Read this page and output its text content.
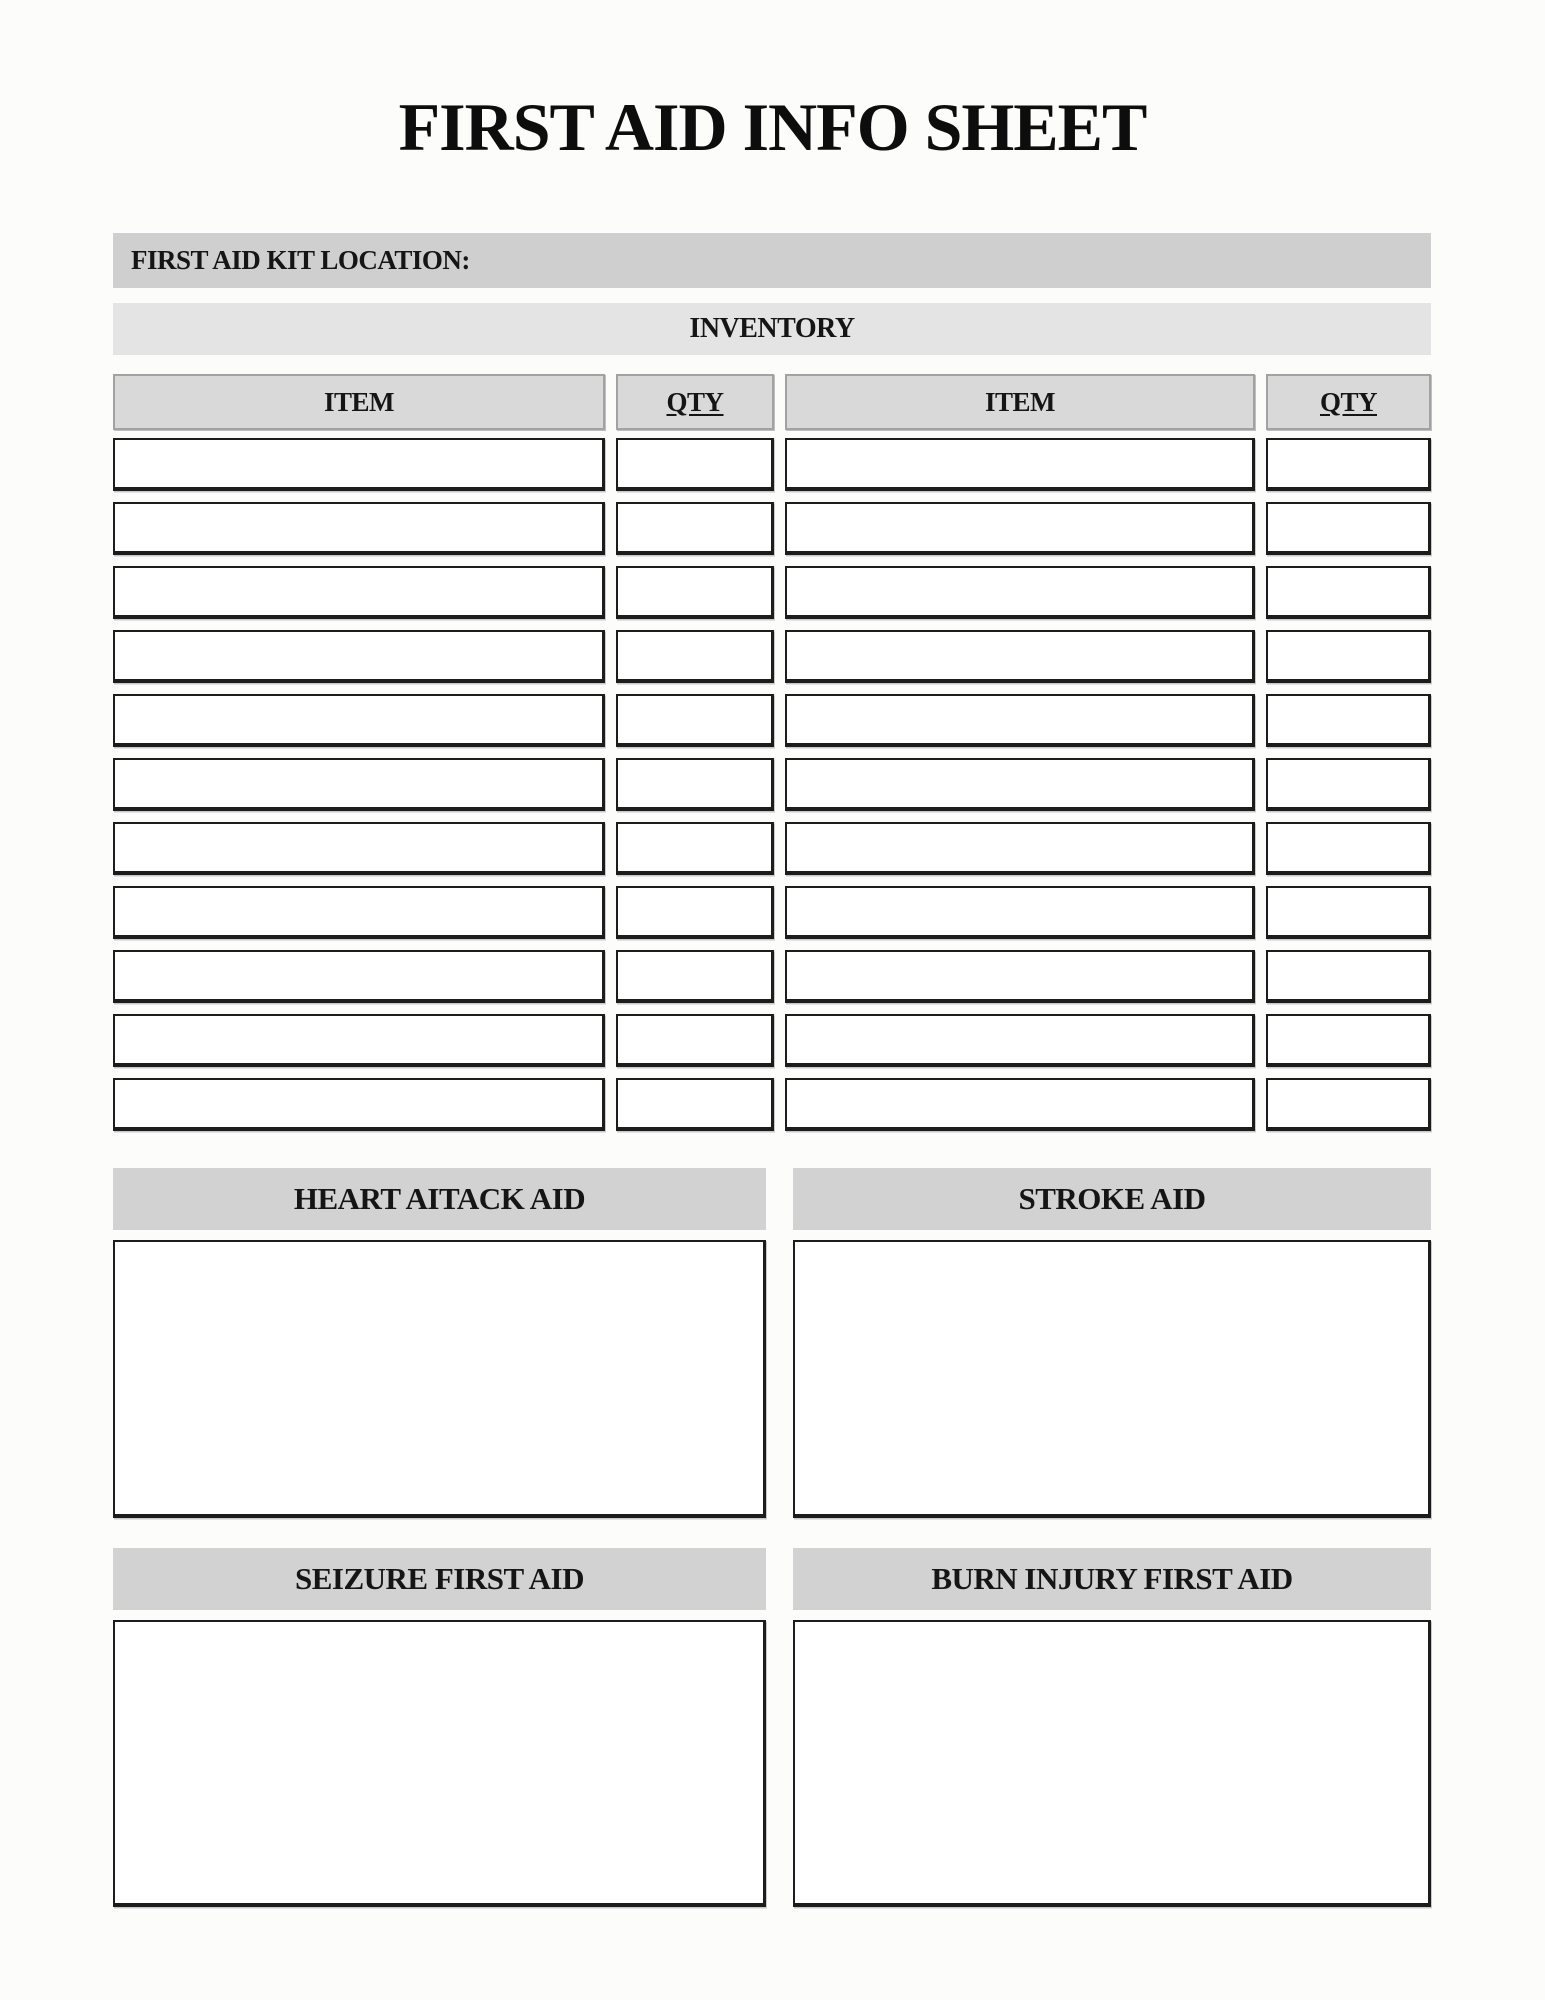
FIRST AID INFO SHEET
FIRST AID KIT LOCATION:
INVENTORY
ITEM	QTY	ITEM	QTY
HEART AITACK AID	STROKE AID
SEIZURE FIRST AID	BURN INJURY FIRST AID
